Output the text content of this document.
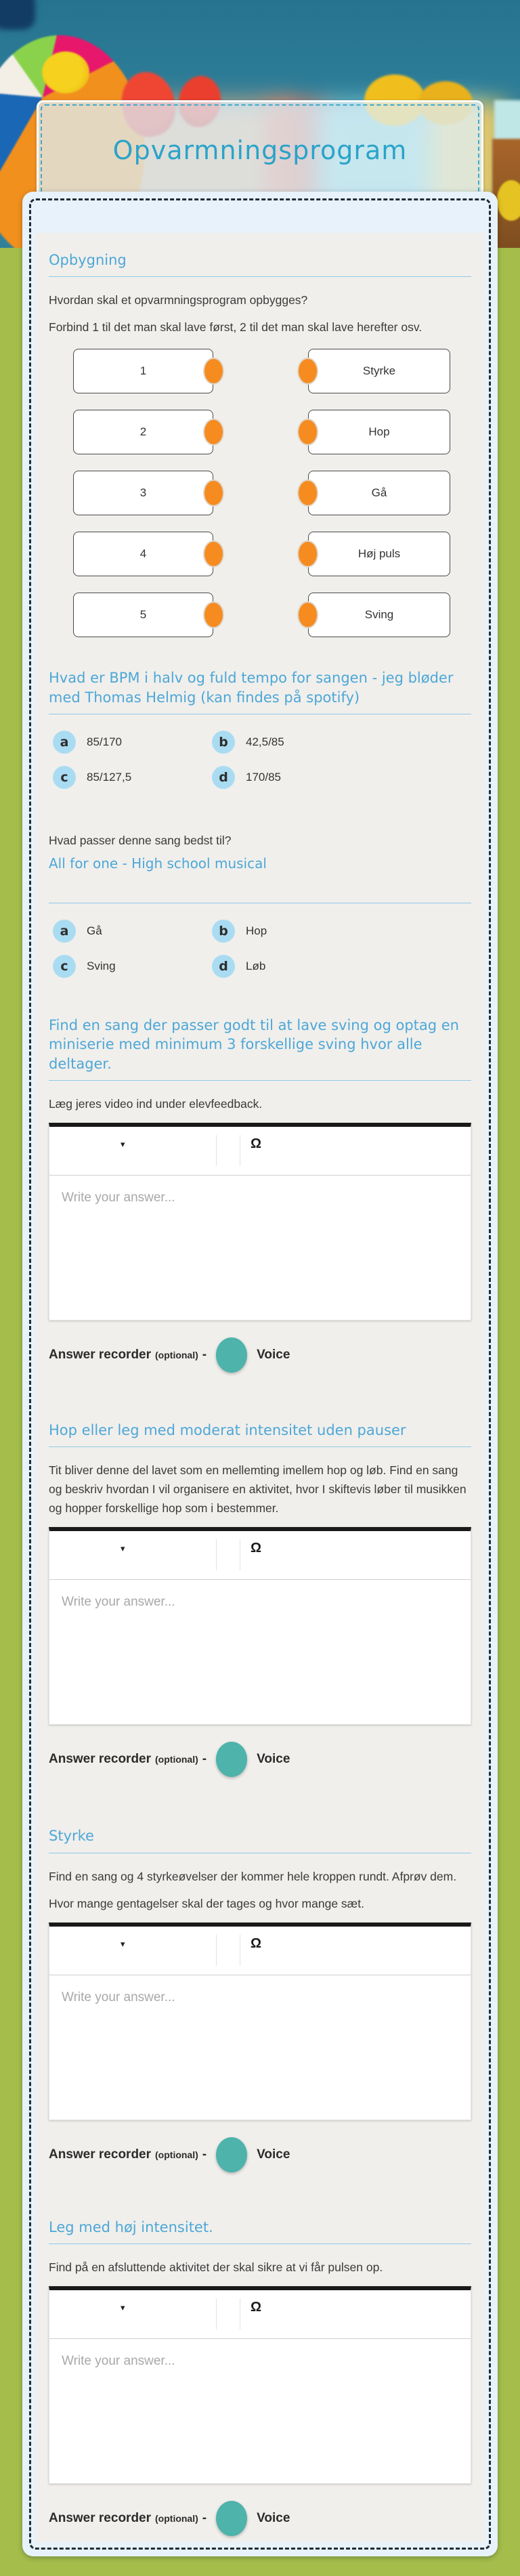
Opvarmningsprogram
Opbygning

Hvordan skal et opvarmningsprogram opbygges?

Forbind 1 til det man skal lave først, 2 til det man skal lave herefter osv.

1	Styrke
2	Hop
3	Gå
4	Høj puls
5	Sving
Hvad er BPM i halv og fuld tempo for sangen - jeg bløder med Thomas Helmig (kan findes på spotify)
a	85/170	b	42,5/85
c	85/127,5	d	170/85

Hvad passer denne sang bedst til?

All for one - High school musical
a	Gå	b	Hop
c	Sving	d	Løb
Find en sang der passer godt til at lave sving og optag en miniserie med minimum 3 forskellige sving hvor alle deltager.

Læg jeres video ind under elevfeedback.

▾	Ω
Write your answer...
Answer recorder (optional) -	Voice
Hop eller leg med moderat intensitet uden pauser

Tit bliver denne del lavet som en mellemting imellem hop og løb. Find en sang og beskriv hvordan I vil organisere en aktivitet, hvor I skiftevis løber til musikken og hopper forskellige hop som i bestemmer.

▾	Ω
Write your answer...
Answer recorder (optional) -	Voice
Styrke

Find en sang og 4 styrkeøvelser der kommer hele kroppen rundt. Afprøv dem.

Hvor mange gentagelser skal der tages og hvor mange sæt.

▾	Ω
Write your answer...
Answer recorder (optional) -	Voice
Leg med høj intensitet.

Find på en afsluttende aktivitet der skal sikre at vi får pulsen op.

▾	Ω
Write your answer...
Answer recorder (optional) -	Voice
